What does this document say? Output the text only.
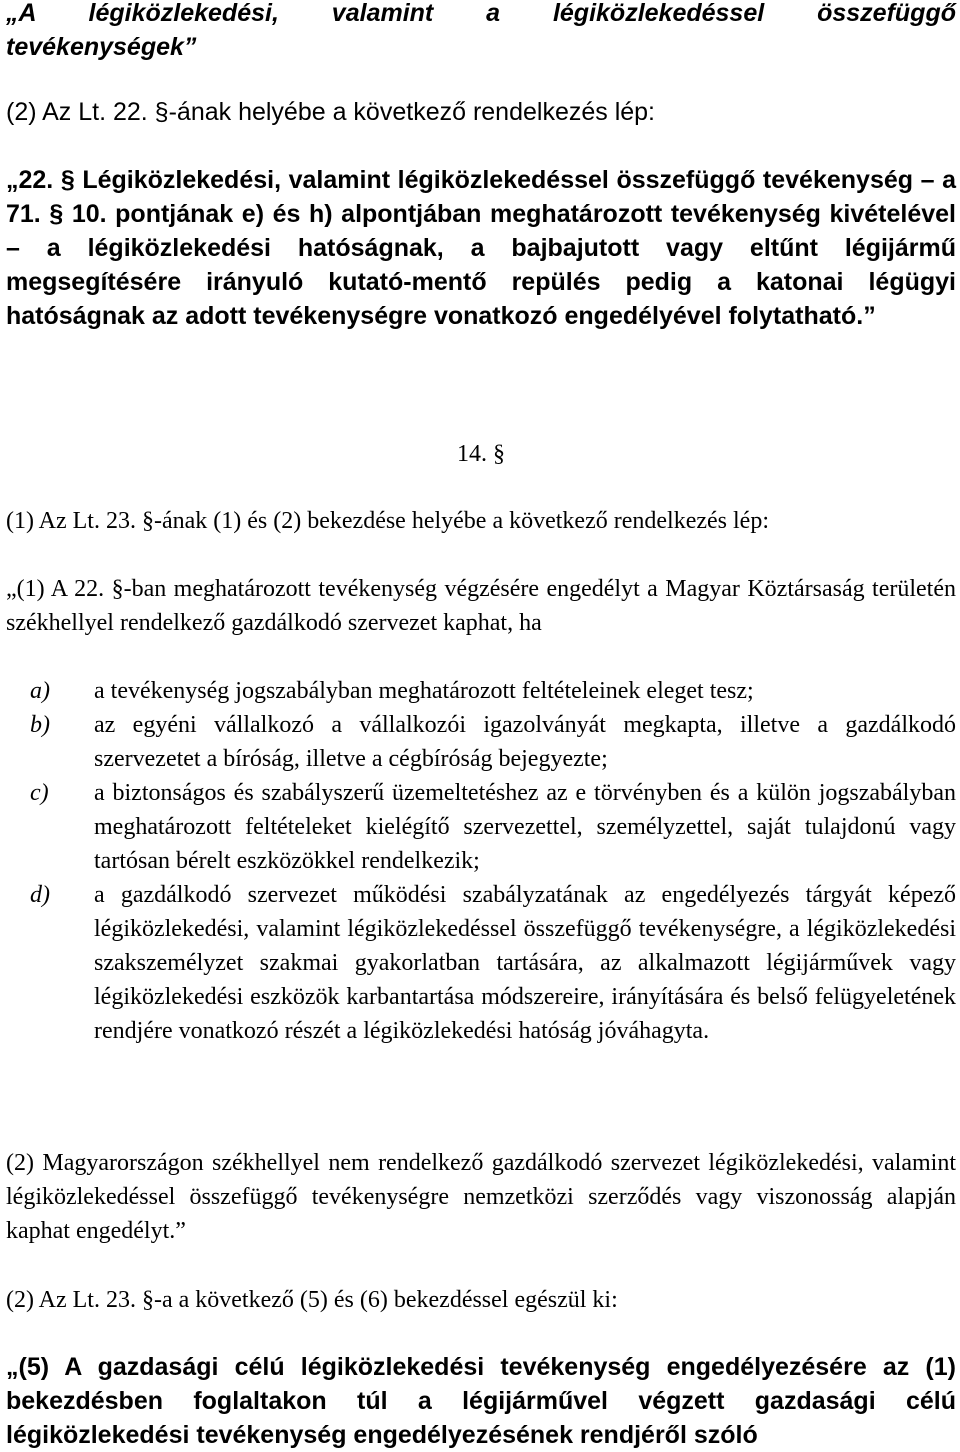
„A légiközlekedési, valamint a légiközlekedéssel összefüggő
tevékenységek”

(2) Az Lt. 22. §-ának helyébe a következő rendelkezés lép:

„22. § Légiközlekedési, valamint légiközlekedéssel összefüggő tevékenység – a 71. § 10. pontjának e) és h) alpontjában meghatározott tevékenység kivételével – a légiközlekedési hatóságnak, a bajbajutott vagy eltűnt légijármű megsegítésére irányuló kutató-mentő repülés pedig a katonai légügyi hatóságnak az adott tevékenységre vonatkozó engedélyével folytatható.”

14. §

(1) Az Lt. 23. §-ának (1) és (2) bekezdése helyébe a következő rendelkezés lép:

„(1) A 22. §-ban meghatározott tevékenység végzésére engedélyt a Magyar Köztársaság területén székhellyel rendelkező gazdálkodó szervezet kaphat, ha

a)	a tevékenység jogszabályban meghatározott feltételeinek eleget tesz;
b)	az egyéni vállalkozó a vállalkozói igazolványát megkapta, illetve a gazdálkodó szervezetet a bíróság, illetve a cégbíróság bejegyezte;
c)	a biztonságos és szabályszerű üzemeltetéshez az e törvényben és a külön jogszabályban meghatározott feltételeket kielégítő szervezettel, személyzettel, saját tulajdonú vagy tartósan bérelt eszközökkel rendelkezik;
d)	a gazdálkodó szervezet működési szabályzatának az engedélyezés tárgyát képező légiközlekedési, valamint légiközlekedéssel összefüggő tevékenységre, a légiközlekedési szakszemélyzet szakmai gyakorlatban tartására, az alkalmazott légijárművek vagy légiközlekedési eszközök karbantartása módszereire, irányítására és belső felügyeletének rendjére vonatkozó részét a légiközlekedési hatóság jóváhagyta.

(2) Magyarországon székhellyel nem rendelkező gazdálkodó szervezet légiközlekedési, valamint légiközlekedéssel összefüggő tevékenységre nemzetközi szerződés vagy viszonosság alapján kaphat engedélyt.”

(2) Az Lt. 23. §-a a következő (5) és (6) bekezdéssel egészül ki:

„(5) A gazdasági célú légiközlekedési tevékenység engedélyezésére az (1) bekezdésben foglaltakon túl a légijárművel végzett gazdasági célú légiközlekedési tevékenység engedélyezésének rendjéről szóló
